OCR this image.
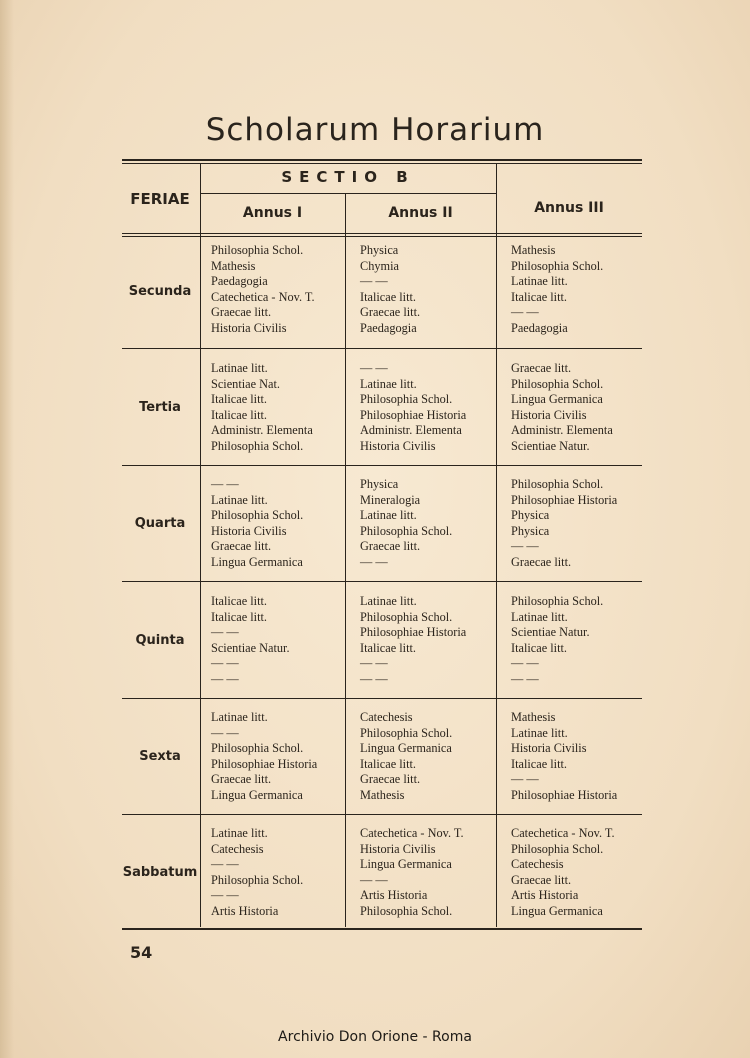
Scholarum Horarium
FERIAE
SECTIO B
Annus I	Annus II	Annus III
Secunda
Philosophia Schol.
Mathesis
Paedagogia
Catechetica - Nov. T.
Graecae litt.
Historia Civilis
Physica
Chymia
— —
Italicae litt.
Graecae litt.
Paedagogia
Mathesis
Philosophia Schol.
Latinae litt.
Italicae litt.
— —
Paedagogia
Tertia
Latinae litt.
Scientiae Nat.
Italicae litt.
Italicae litt.
Administr. Elementa
Philosophia Schol.
— —
Latinae litt.
Philosophia Schol.
Philosophiae Historia
Administr. Elementa
Historia Civilis
Graecae litt.
Philosophia Schol.
Lingua Germanica
Historia Civilis
Administr. Elementa
Scientiae Natur.
Quarta
— —
Latinae litt.
Philosophia Schol.
Historia Civilis
Graecae litt.
Lingua Germanica
Physica
Mineralogia
Latinae litt.
Philosophia Schol.
Graecae litt.
— —
Philosophia Schol.
Philosophiae Historia
Physica
Physica
— —
Graecae litt.
Quinta
Italicae litt.
Italicae litt.
— —
Scientiae Natur.
— —
— —
Latinae litt.
Philosophia Schol.
Philosophiae Historia
Italicae litt.
— —
— —
Philosophia Schol.
Latinae litt.
Scientiae Natur.
Italicae litt.
— —
— —
Sexta
Latinae litt.
— —
Philosophia Schol.
Philosophiae Historia
Graecae litt.
Lingua Germanica
Catechesis
Philosophia Schol.
Lingua Germanica
Italicae litt.
Graecae litt.
Mathesis
Mathesis
Latinae litt.
Historia Civilis
Italicae litt.
— —
Philosophiae Historia
Sabbatum
Latinae litt.
Catechesis
— —
Philosophia Schol.
— —
Artis Historia
Catechetica - Nov. T.
Historia Civilis
Lingua Germanica
— —
Artis Historia
Philosophia Schol.
Catechetica - Nov. T.
Philosophia Schol.
Catechesis
Graecae litt.
Artis Historia
Lingua Germanica
54
Archivio Don Orione - Roma
